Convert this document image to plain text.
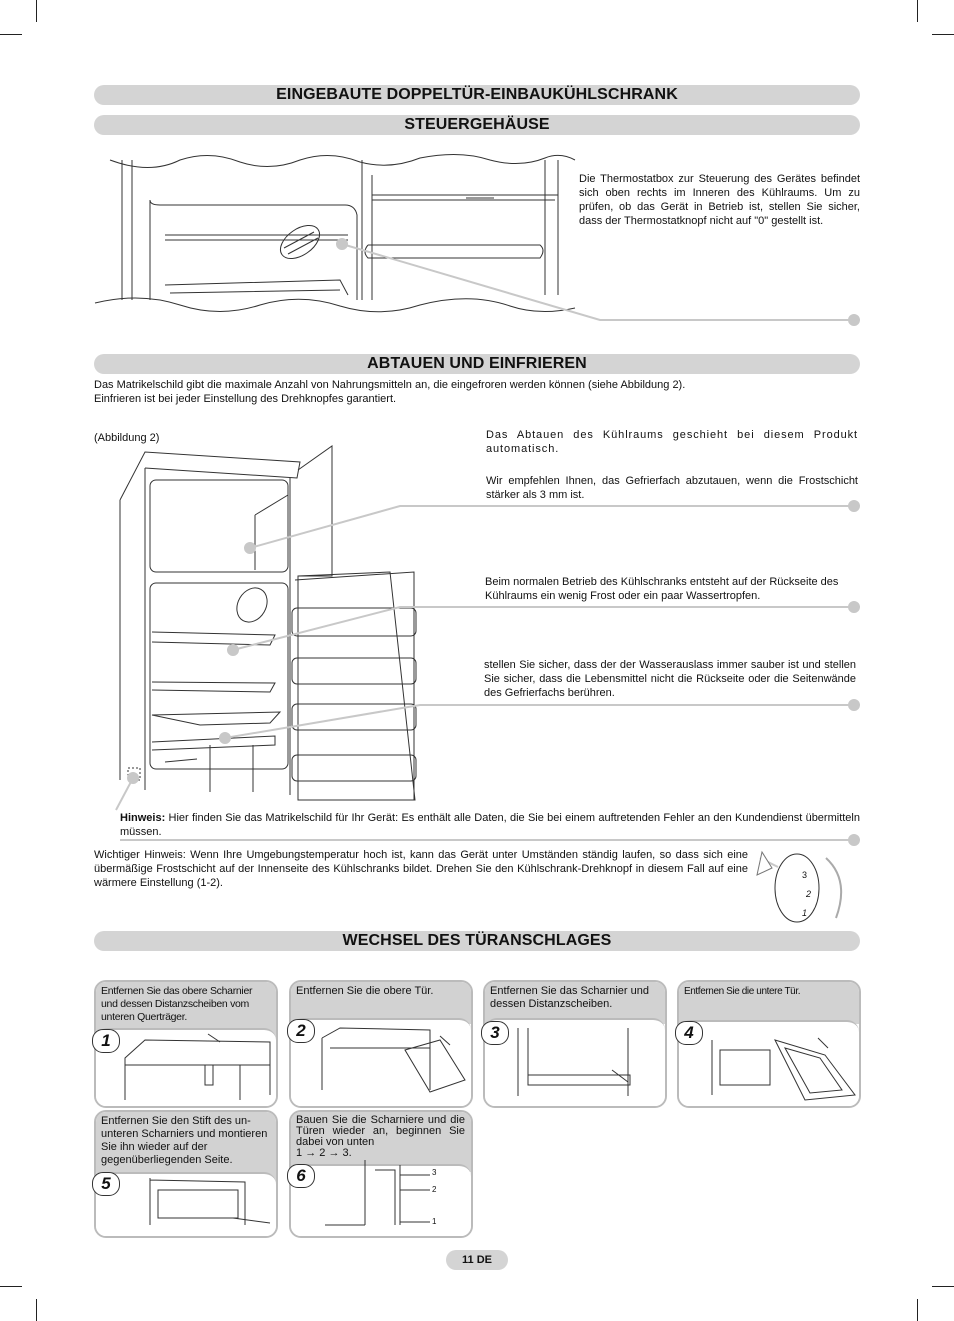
EINGEBAUTE DOPPELTÜR-EINBAUKÜHLSCHRANK
STEUERGEHÄUSE
ABTAUEN UND EINFRIEREN
WECHSEL DES TÜRANSCHLAGES
Die Thermostatbox zur Steuerung des Gerätes befindet sich oben rechts im Inneren des Kühlraums. Um zu prüfen, ob das Gerät in Betrieb ist, stellen Sie sicher, dass der Thermostatknopf nicht auf "0" gestellt ist.
Das Matrikelschild gibt die maximale Anzahl von Nahrungsmitteln an, die eingefroren werden können (siehe Abbildung 2).
Einfrieren ist bei jeder Einstellung des Drehknopfes garantiert.
(Abbildung 2)
3
2
1
Das Abtauen des Kühlraums geschieht bei diesem Produkt automatisch.
Wir empfehlen Ihnen, das Gefrierfach abzutauen, wenn die Frostschicht stärker als 3 mm ist.
Beim normalen Betrieb des Kühlschranks entsteht auf der Rückseite des Kühlraums ein wenig Frost oder ein paar Wassertropfen.
stellen Sie sicher, dass der der Wasserauslass immer sauber ist und stellen Sie sicher, dass die Lebensmittel nicht die Rückseite oder die Seitenwände des Gefrierfachs berühren.
Hinweis: Hier finden Sie das Matrikelschild für Ihr Gerät: Es enthält alle Daten, die Sie bei einem auftretenden Fehler an den Kundendienst übermitteln müssen.
Wichtiger Hinweis: Wenn Ihre Umgebungstemperatur hoch ist, kann das Gerät unter Umständen ständig laufen, so dass sich eine übermäßige Frostschicht auf der Innenseite des Kühlschranks bildet. Drehen Sie den Kühlschrank-Drehknopf in diesem Fall auf eine wärmere Einstellung (1-2).
Entfernen Sie das obere Scharnier und dessen Distanzscheiben vom unteren Querträger.
Entfernen Sie die obere Tür.	Entfernen Sie das Scharnier und dessen Distanzscheiben.
Entfernen Sie die untere Tür.
Entfernen Sie den Stift des un-unteren Scharniers und montieren Sie ihn wieder auf der gegenüberliegenden Seite.
Bauen Sie die Scharniere und die Türen wieder an, beginnen Sie dabei von unten
1 → 2 → 3.
1
2	3	4
5	6	3
2
1
11 DE
